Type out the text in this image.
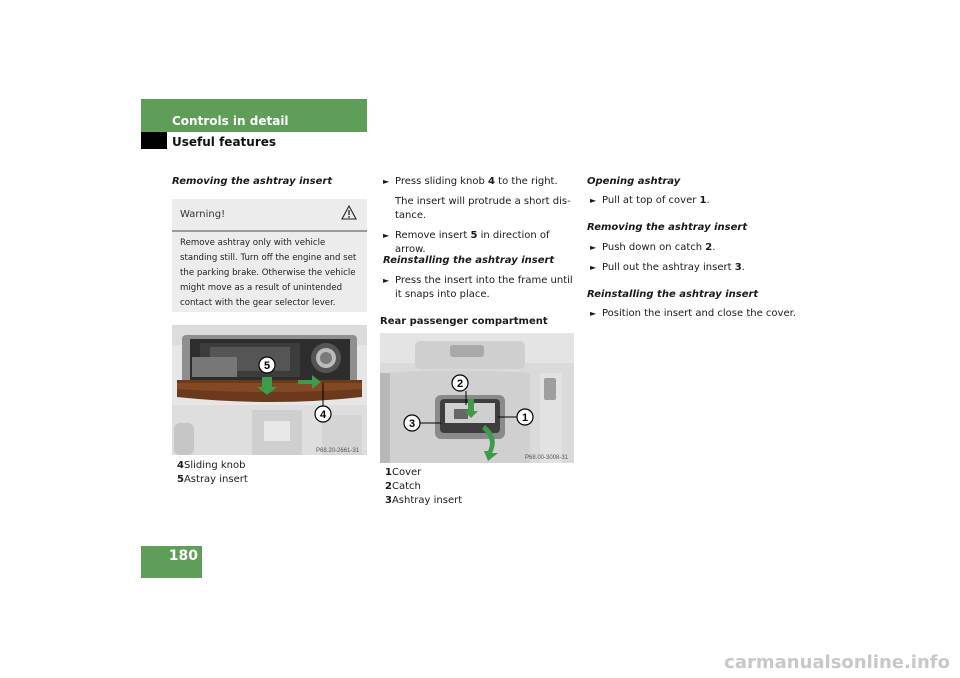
Controls in detail
Useful features
Removing the ashtray insert
Warning!
Remove ashtray only with vehicle standing still. Turn off the engine and set the parking brake. Otherwise the vehicle might move as a result of unintended contact with the gear selector lever.
5
4
P68.20-2661-31
4Sliding knob
5Astray insert
► Press sliding knob 4 to the right.
The insert will protrude a short dis-tance.
► Remove insert 5 in direction of arrow.
Reinstalling the ashtray insert
► Press the insert into the frame until it snaps into place.
Rear passenger compartment
2
3	1
P68.00-3008-31
1Cover
2Catch
3Ashtray insert
Opening ashtray
► Pull at top of cover 1.
Removing the ashtray insert
► Push down on catch 2.
► Pull out the ashtray insert 3.
Reinstalling the ashtray insert
► Position the insert and close the cover.
180
carmanualsonline.info
